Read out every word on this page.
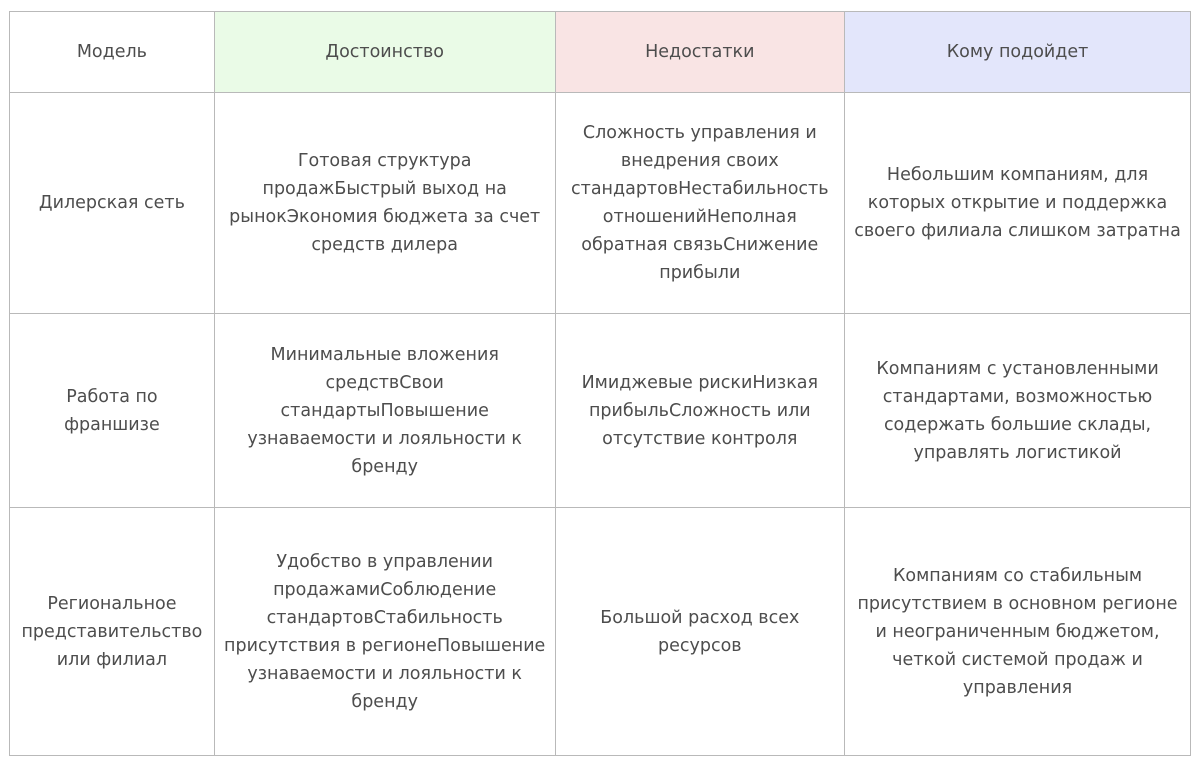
Модель	Достоинство	Недостатки	Кому подойдет
Дилерская сеть	Готовая структура продажБыстрый выход на рынокЭкономия бюджета за счет средств дилера	Сложность управления и внедрения своих стандартовНестабильность отношенийНеполная обратная связьСнижение прибыли	Небольшим компаниям, для которых открытие и поддержка своего филиала слишком затратна
Работа по франшизе	Минимальные вложения средствСвои стандартыПовышение узнаваемости и лояльности к бренду	Имиджевые рискиНизкая прибыльСложность или отсутствие контроля	Компаниям с установленными стандартами, возможностью содержать большие склады, управлять логистикой
Региональное представительство или филиал	Удобство в управлении продажамиСоблюдение стандартовСтабильность присутствия в регионеПовышение узнаваемости и лояльности к бренду	Большой расход всех ресурсов	Компаниям со стабильным присутствием в основном регионе и неограниченным бюджетом, четкой системой продаж и управления
